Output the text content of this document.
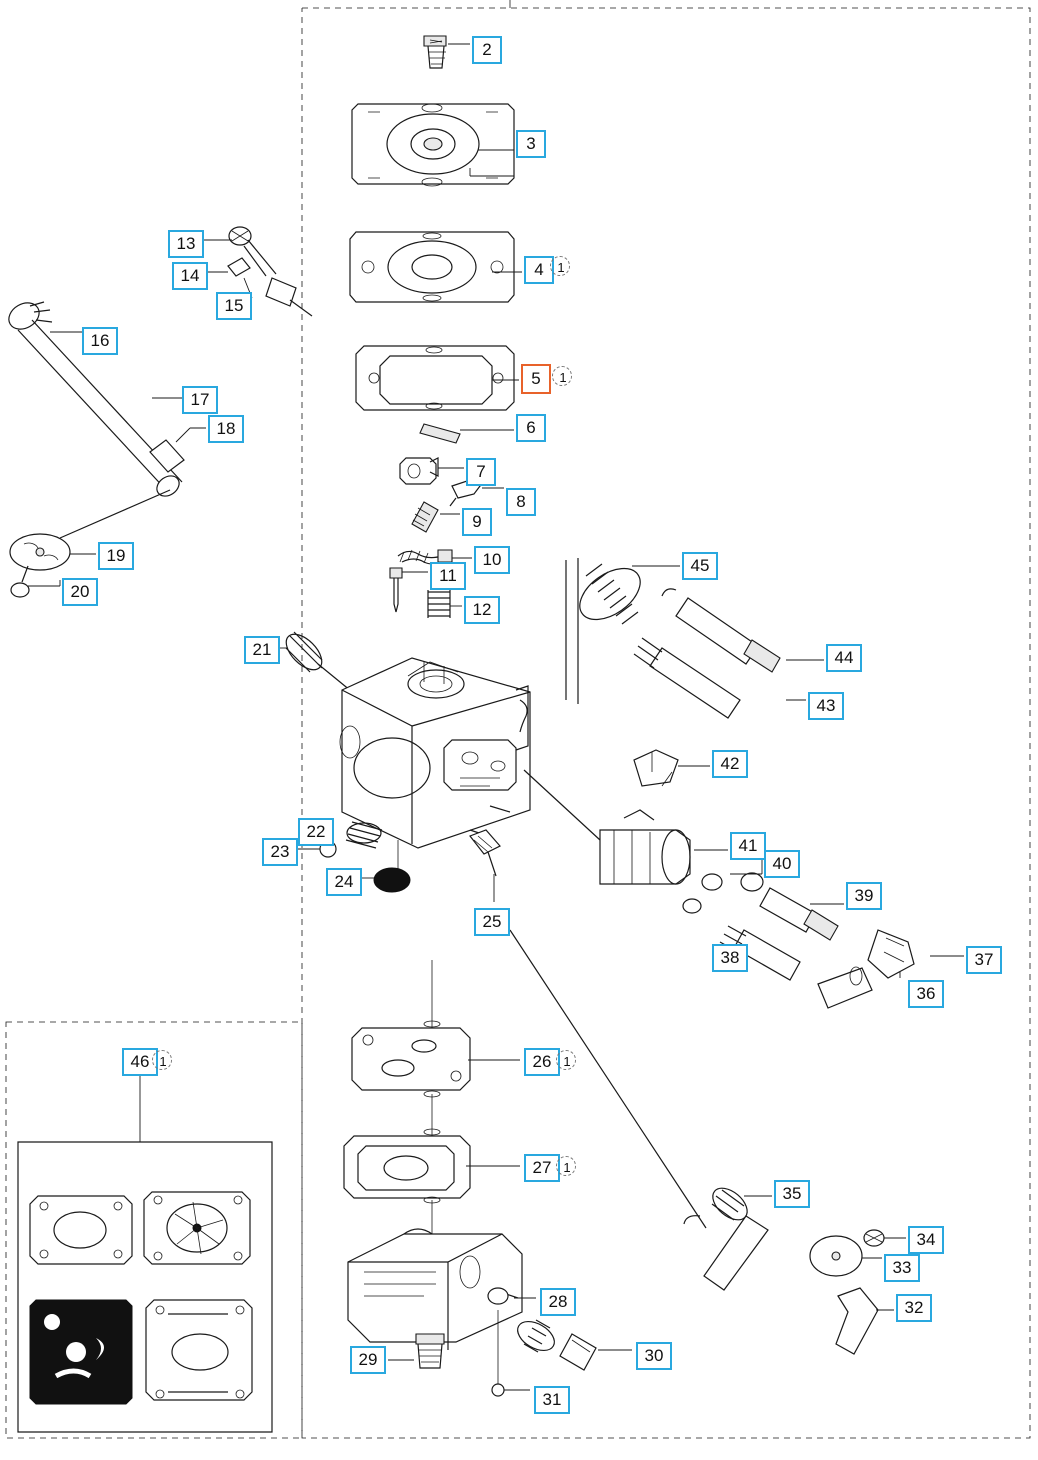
2
3
13
14
15
4
16
5
6
17
18
7
8
9
10
11
12
19
20
45
21	44
43
42
22
23
24
41
40
39
25
38	37
36
46	26
27
35
34
33
28	32
29	30
31
1
1
1	1
1
